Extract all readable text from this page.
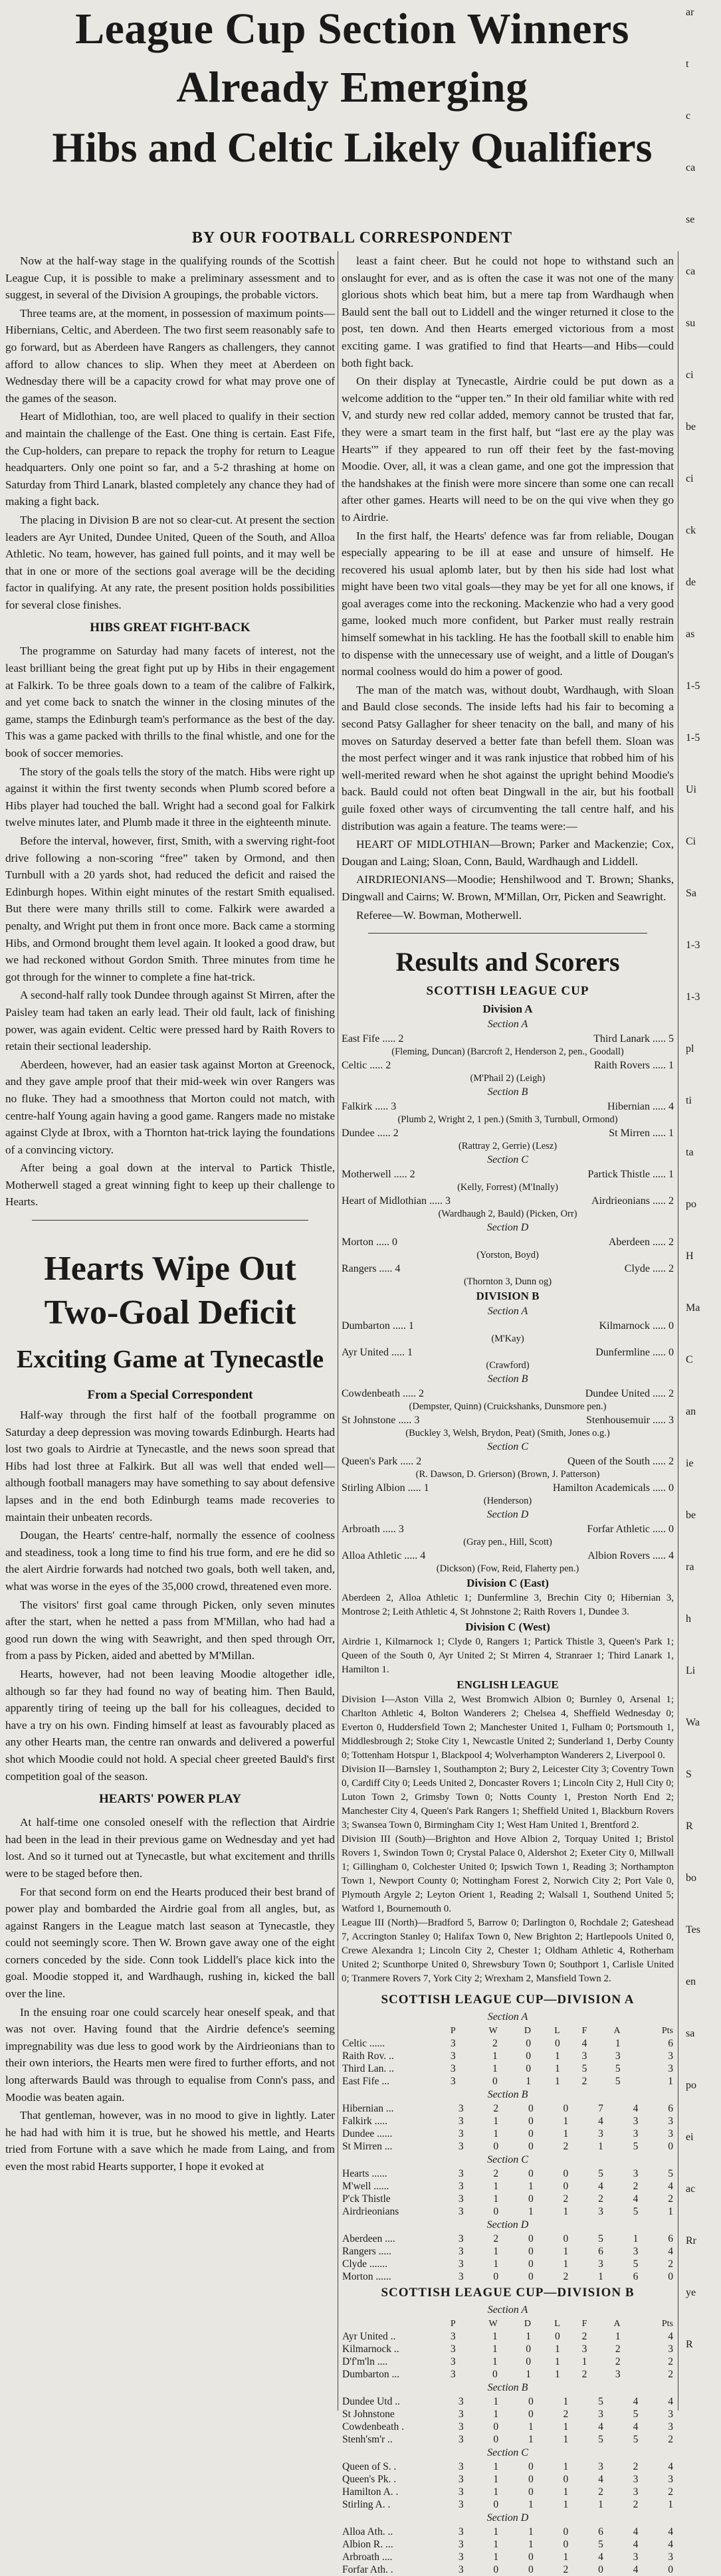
League Cup Section Winners
Already Emerging
Hibs and Celtic Likely Qualifiers
BY OUR FOOTBALL CORRESPONDENT

Now at the half-way stage in the qualifying rounds of the Scottish League Cup, it is possible to make a preliminary assessment and to suggest, in several of the Division A groupings, the probable victors.

Three teams are, at the moment, in possession of maximum points—Hibernians, Celtic, and Aberdeen. The two first seem reasonably safe to go forward, but as Aberdeen have Rangers as challengers, they cannot afford to allow chances to slip. When they meet at Aberdeen on Wednesday there will be a capacity crowd for what may prove one of the games of the season.

Heart of Midlothian, too, are well placed to qualify in their section and maintain the challenge of the East. One thing is certain. East Fife, the Cup-holders, can prepare to repack the trophy for return to League headquarters. Only one point so far, and a 5-2 thrashing at home on Saturday from Third Lanark, blasted completely any chance they had of making a fight back.

The placing in Division B are not so clear-cut. At present the section leaders are Ayr United, Dundee United, Queen of the South, and Alloa Athletic. No team, however, has gained full points, and it may well be that in one or more of the sections goal average will be the deciding factor in qualifying. At any rate, the present position holds possibilities for several close finishes.

HIBS GREAT FIGHT-BACK

The programme on Saturday had many facets of interest, not the least brilliant being the great fight put up by Hibs in their engagement at Falkirk. To be three goals down to a team of the calibre of Falkirk, and yet come back to snatch the winner in the closing minutes of the game, stamps the Edinburgh team's performance as the best of the day. This was a game packed with thrills to the final whistle, and one for the book of soccer memories.

The story of the goals tells the story of the match. Hibs were right up against it within the first twenty seconds when Plumb scored before a Hibs player had touched the ball. Wright had a second goal for Falkirk twelve minutes later, and Plumb made it three in the eighteenth minute.

Before the interval, however, first, Smith, with a swerving right-foot drive following a non-scoring “free” taken by Ormond, and then Turnbull with a 20 yards shot, had reduced the deficit and raised the Edinburgh hopes. Within eight minutes of the restart Smith equalised. But there were many thrills still to come. Falkirk were awarded a penalty, and Wright put them in front once more. Back came a storming Hibs, and Ormond brought them level again. It looked a good draw, but we had reckoned without Gordon Smith. Three minutes from time he got through for the winner to complete a fine hat-trick.

A second-half rally took Dundee through against St Mirren, after the Paisley team had taken an early lead. Their old fault, lack of finishing power, was again evident. Celtic were pressed hard by Raith Rovers to retain their sectional leadership.

Aberdeen, however, had an easier task against Morton at Greenock, and they gave ample proof that their mid-week win over Rangers was no fluke. They had a smoothness that Morton could not match, with centre-half Young again having a good game. Rangers made no mistake against Clyde at Ibrox, with a Thornton hat-trick laying the foundations of a convincing victory.

After being a goal down at the interval to Partick Thistle, Motherwell staged a great winning fight to keep up their challenge to Hearts.

Hearts Wipe Out Two-Goal Deficit
Exciting Game at Tynecastle
From a Special Correspondent

Half-way through the first half of the football programme on Saturday a deep depression was moving towards Edinburgh. Hearts had lost two goals to Airdrie at Tynecastle, and the news soon spread that Hibs had lost three at Falkirk. But all was well that ended well—although football managers may have something to say about defensive lapses and in the end both Edinburgh teams made recoveries to maintain their unbeaten records.

Dougan, the Hearts' centre-half, normally the essence of coolness and steadiness, took a long time to find his true form, and ere he did so the alert Airdrie forwards had notched two goals, both well taken, and, what was worse in the eyes of the 35,000 crowd, threatened even more.

The visitors' first goal came through Picken, only seven minutes after the start, when he netted a pass from M'Millan, who had had a good run down the wing with Seawright, and then sped through Orr, from a pass by Picken, aided and abetted by M'Millan.

Hearts, however, had not been leaving Moodie altogether idle, although so far they had found no way of beating him. Then Bauld, apparently tiring of teeing up the ball for his colleagues, decided to have a try on his own. Finding himself at least as favourably placed as any other Hearts man, the centre ran onwards and delivered a powerful shot which Moodie could not hold. A special cheer greeted Bauld's first competition goal of the season.

HEARTS' POWER PLAY

At half-time one consoled oneself with the reflection that Airdrie had been in the lead in their previous game on Wednesday and yet had lost. And so it turned out at Tynecastle, but what excitement and thrills were to be staged before then.

For that second form on end the Hearts produced their best brand of power play and bombarded the Airdrie goal from all angles, but, as against Rangers in the League match last season at Tynecastle, they could not seemingly score. Then W. Brown gave away one of the eight corners conceded by the side. Conn took Liddell's place kick into the goal. Moodie stopped it, and Wardhaugh, rushing in, kicked the ball over the line.

In the ensuing roar one could scarcely hear oneself speak, and that was not over. Having found that the Airdrie defence's seeming impregnability was due less to good work by the Airdrieonians than to their own interiors, the Hearts men were fired to further efforts, and not long afterwards Bauld was through to equalise from Conn's pass, and Moodie was beaten again.

That gentleman, however, was in no mood to give in lightly. Later he had had with him it is true, but he showed his mettle, and Hearts tried from Fortune with a save which he made from Laing, and from even the most rabid Hearts supporter, I hope it evoked at

least a faint cheer. But he could not hope to withstand such an onslaught for ever, and as is often the case it was not one of the many glorious shots which beat him, but a mere tap from Wardhaugh when Bauld sent the ball out to Liddell and the winger returned it close to the post, ten down. And then Hearts emerged victorious from a most exciting game. I was gratified to find that Hearts—and Hibs—could both fight back.

On their display at Tynecastle, Airdrie could be put down as a welcome addition to the “upper ten.” In their old familiar white with red V, and sturdy new red collar added, memory cannot be trusted that far, they were a smart team in the first half, but “last ere ay the play was Hearts'” if they appeared to run off their feet by the fast-moving Moodie. Over, all, it was a clean game, and one got the impression that the handshakes at the finish were more sincere than some one can recall after other games. Hearts will need to be on the qui vive when they go to Airdrie.

In the first half, the Hearts' defence was far from reliable, Dougan especially appearing to be ill at ease and unsure of himself. He recovered his usual aplomb later, but by then his side had lost what might have been two vital goals—they may be yet for all one knows, if goal averages come into the reckoning. Mackenzie who had a very good game, looked much more confident, but Parker must really restrain himself somewhat in his tackling. He has the football skill to enable him to dispense with the unnecessary use of weight, and a little of Dougan's normal coolness would do him a power of good.

The man of the match was, without doubt, Wardhaugh, with Sloan and Bauld close seconds. The inside lefts had his fair to becoming a second Patsy Gallagher for sheer tenacity on the ball, and many of his moves on Saturday deserved a better fate than befell them. Sloan was the most perfect winger and it was rank injustice that robbed him of his well-merited reward when he shot against the upright behind Moodie's back. Bauld could not often beat Dingwall in the air, but his football guile foxed other ways of circumventing the tall centre half, and his distribution was again a feature. The teams were:—

HEART OF MIDLOTHIAN—Brown; Parker and Mackenzie; Cox, Dougan and Laing; Sloan, Conn, Bauld, Wardhaugh and Liddell.

AIRDRIEONIANS—Moodie; Henshilwood and T. Brown; Shanks, Dingwall and Cairns; W. Brown, M'Millan, Orr, Picken and Seawright.

Referee—W. Bowman, Motherwell.

Results and Scorers
SCOTTISH LEAGUE CUP
Division A
Section A
East Fife ..... 2	Third Lanark ..... 5
(Fleming, Duncan) (Barcroft 2, Henderson 2, pen., Goodall)
Celtic ..... 2	Raith Rovers ..... 1
(M'Phail 2) (Leigh)
Section B
Falkirk ..... 3	Hibernian ..... 4
(Plumb 2, Wright 2, 1 pen.) (Smith 3, Turnbull, Ormond)
Dundee ..... 2	St Mirren ..... 1
(Rattray 2, Gerrie) (Lesz)
Section C
Motherwell ..... 2	Partick Thistle ..... 1
(Kelly, Forrest) (M'Inally)
Heart of Midlothian ..... 3	Airdrieonians ..... 2
(Wardhaugh 2, Bauld) (Picken, Orr)
Section D
Morton ..... 0	Aberdeen ..... 2
(Yorston, Boyd)
Rangers ..... 4	Clyde ..... 2
(Thornton 3, Dunn og)
DIVISION B
Section A
Dumbarton ..... 1	Kilmarnock ..... 0
(M'Kay)
Ayr United ..... 1	Dunfermline ..... 0
(Crawford)
Section B
Cowdenbeath ..... 2	Dundee United ..... 2
(Dempster, Quinn) (Cruickshanks, Dunsmore pen.)
St Johnstone ..... 3	Stenhousemuir ..... 3
(Buckley 3, Welsh, Brydon, Peat) (Smith, Jones o.g.)
Section C
Queen's Park ..... 2	Queen of the South ..... 2
(R. Dawson, D. Grierson) (Brown, J. Patterson)
Stirling Albion ..... 1	Hamilton Academicals ..... 0
(Henderson)
Section D
Arbroath ..... 3	Forfar Athletic ..... 0
(Gray pen., Hill, Scott)
Alloa Athletic ..... 4	Albion Rovers ..... 4
(Dickson) (Fow, Reid, Flaherty pen.)
Division C (East)
Aberdeen 2, Alloa Athletic 1; Dunfermline 3, Brechin City 0; Hibernian 3, Montrose 2; Leith Athletic 4, St Johnstone 2; Raith Rovers 1, Dundee 3.
Division C (West)
Airdrie 1, Kilmarnock 1; Clyde 0, Rangers 1; Partick Thistle 3, Queen's Park 1; Queen of the South 0, Ayr United 2; St Mirren 4, Stranraer 1; Third Lanark 1, Hamilton 1.
ENGLISH LEAGUE
Division I—Aston Villa 2, West Bromwich Albion 0; Burnley 0, Arsenal 1; Charlton Athletic 4, Bolton Wanderers 2; Chelsea 4, Sheffield Wednesday 0; Everton 0, Huddersfield Town 2; Manchester United 1, Fulham 0; Portsmouth 1, Middlesbrough 2; Stoke City 1, Newcastle United 2; Sunderland 1, Derby County 0; Tottenham Hotspur 1, Blackpool 4; Wolverhampton Wanderers 2, Liverpool 0.
Division II—Barnsley 1, Southampton 2; Bury 2, Leicester City 3; Coventry Town 0, Cardiff City 0; Leeds United 2, Doncaster Rovers 1; Lincoln City 2, Hull City 0; Luton Town 2, Grimsby Town 0; Notts County 1, Preston North End 2; Manchester City 4, Queen's Park Rangers 1; Sheffield United 1, Blackburn Rovers 3; Swansea Town 0, Birmingham City 1; West Ham United 1, Brentford 2.
Division III (South)—Brighton and Hove Albion 2, Torquay United 1; Bristol Rovers 1, Swindon Town 0; Crystal Palace 0, Aldershot 2; Exeter City 0, Millwall 1; Gillingham 0, Colchester United 0; Ipswich Town 1, Reading 3; Northampton Town 1, Newport County 0; Nottingham Forest 2, Norwich City 2; Port Vale 0, Plymouth Argyle 2; Leyton Orient 1, Reading 2; Walsall 1, Southend United 5; Watford 1, Bournemouth 0.
League III (North)—Bradford 5, Barrow 0; Darlington 0, Rochdale 2; Gateshead 7, Accrington Stanley 0; Halifax Town 0, New Brighton 2; Hartlepools United 0, Crewe Alexandra 1; Lincoln City 2, Chester 1; Oldham Athletic 4, Rotherham United 2; Scunthorpe United 0, Shrewsbury Town 0; Southport 1, Carlisle United 0; Tranmere Rovers 7, York City 2; Wrexham 2, Mansfield Town 2.
SCOTTISH LEAGUE CUP—DIVISION A
Section A
	P	W	D	L	F	A	Pts
Celtic ......	3	2	0	0	4	1	6
Raith Rov. ..	3	1	0	1	3	3	3
Third Lan. ..	3	1	0	1	5	5	3
East Fife ...	3	0	1	1	2	5	1
Section B
Hibernian ...	3	2	0	0	7	4	6
Falkirk .....	3	1	0	1	4	3	3
Dundee ......	3	1	0	1	3	3	3
St Mirren ...	3	0	0	2	1	5	0
Section C
Hearts ......	3	2	0	0	5	3	5
M'well ......	3	1	1	0	4	2	4
P'ck Thistle	3	1	0	2	2	4	2
Airdrieonians	3	0	1	1	3	5	1
Section D
Aberdeen ....	3	2	0	0	5	1	6
Rangers .....	3	1	0	1	6	3	4
Clyde .......	3	1	0	1	3	5	2
Morton ......	3	0	0	2	1	6	0
SCOTTISH LEAGUE CUP—DIVISION B
Section A
	P	W	D	L	F	A	Pts
Ayr United ..	3	1	1	0	2	1	4
Kilmarnock ..	3	1	0	1	3	2	3
D'f'm'ln ....	3	1	0	1	1	2	2
Dumbarton ...	3	0	1	1	2	3	2
Section B
Dundee Utd ..	3	1	0	1	5	4	4
St Johnstone	3	1	0	2	3	5	3
Cowdenbeath .	3	0	1	1	4	4	3
Stenh'sm'r ..	3	0	1	1	5	5	2
Section C
Queen of S. .	3	1	0	1	3	2	4
Queen's Pk. .	3	1	0	0	4	3	3
Hamilton A. .	3	1	0	1	2	3	2
Stirling A. .	3	0	1	1	1	2	1
Section D
Alloa Ath. ..	3	1	1	0	6	4	4
Albion R. ...	3	1	1	0	5	4	4
Arbroath ....	3	1	0	1	4	3	3
Forfar Ath. .	3	0	0	2	0	4	0
ar
t
c
ca
se
ca
su
ci
be
ci
ck
de
as
1-5
1-5
Ui
Ci
Sa
1-3
1-3
pl
ti
ta
po
H
Ma
C
an
ie
be
ra
h
Li
Wa
S
R
bo
Tes
en
sa
po
ei
ac
Rr
ye
R
